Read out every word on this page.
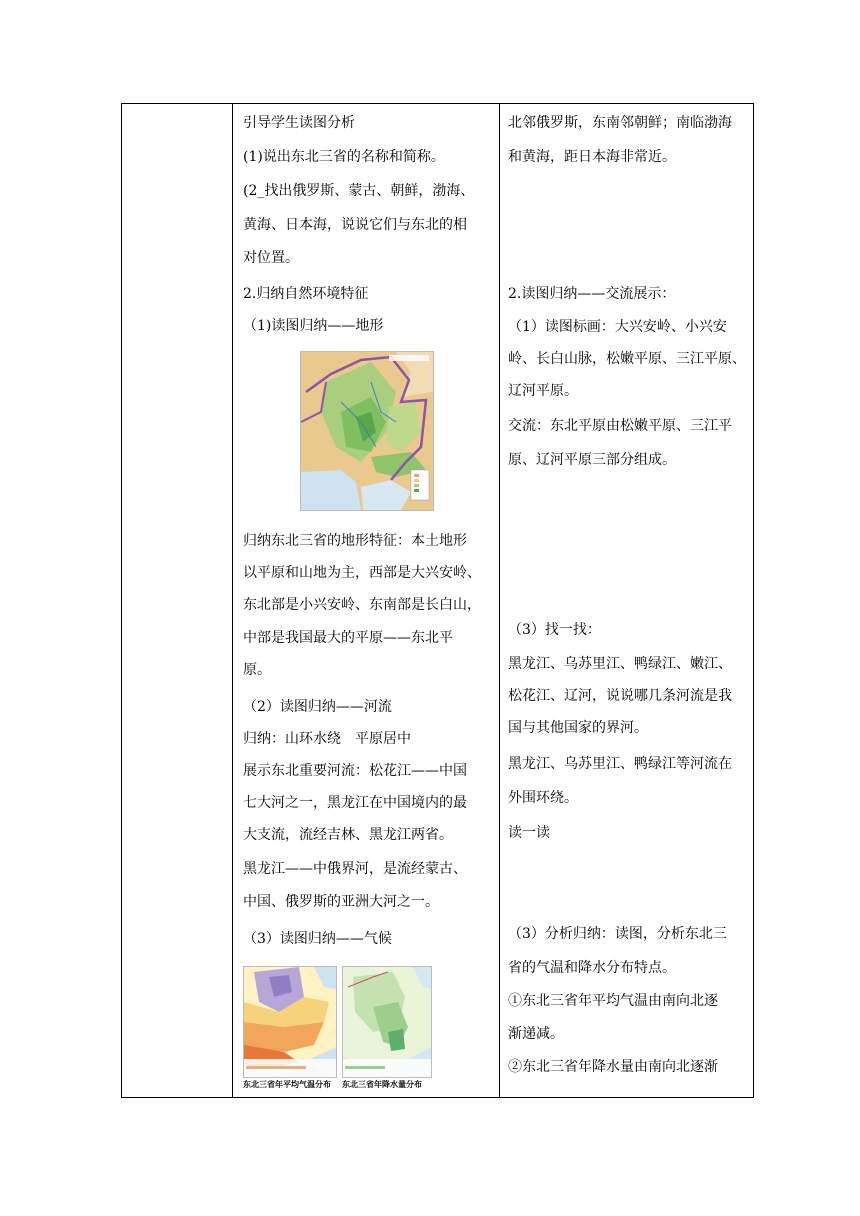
引导学生读图分析
(1)说出东北三省的名称和简称。
(2_找出俄罗斯、蒙古、朝鲜，渤海、
黄海、日本海，说说它们与东北的相
对位置。
2.归纳自然环境特征
（1)读图归纳——地形
归纳东北三省的地形特征：本土地形
以平原和山地为主，西部是大兴安岭、
东北部是小兴安岭、东南部是长白山，
中部是我国最大的平原——东北平
原。
（2）读图归纳——河流
归纳：山环水绕　平原居中
展示东北重要河流：松花江——中国
七大河之一，黑龙江在中国境内的最
大支流，流经吉林、黑龙江两省。
黑龙江——中俄界河，是流经蒙古、
中国、俄罗斯的亚洲大河之一。
（3）读图归纳——气候
东北三省年平均气温分布 东北三省年降水量分布
北邻俄罗斯，东南邻朝鲜；南临渤海
和黄海，距日本海非常近。
2.读图归纳——交流展示：
（1）读图标画：大兴安岭、小兴安
岭、长白山脉，松嫩平原、三江平原、
辽河平原。
交流：东北平原由松嫩平原、三江平
原、辽河平原三部分组成。
（3）找一找：
黑龙江、乌苏里江、鸭绿江、嫩江、
松花江、辽河，说说哪几条河流是我
国与其他国家的界河。
黑龙江、乌苏里江、鸭绿江等河流在
外围环绕。
读一读
（3）分析归纳：读图，分析东北三
省的气温和降水分布特点。
①东北三省年平均气温由南向北逐
渐递减。
②东北三省年降水量由南向北逐渐
